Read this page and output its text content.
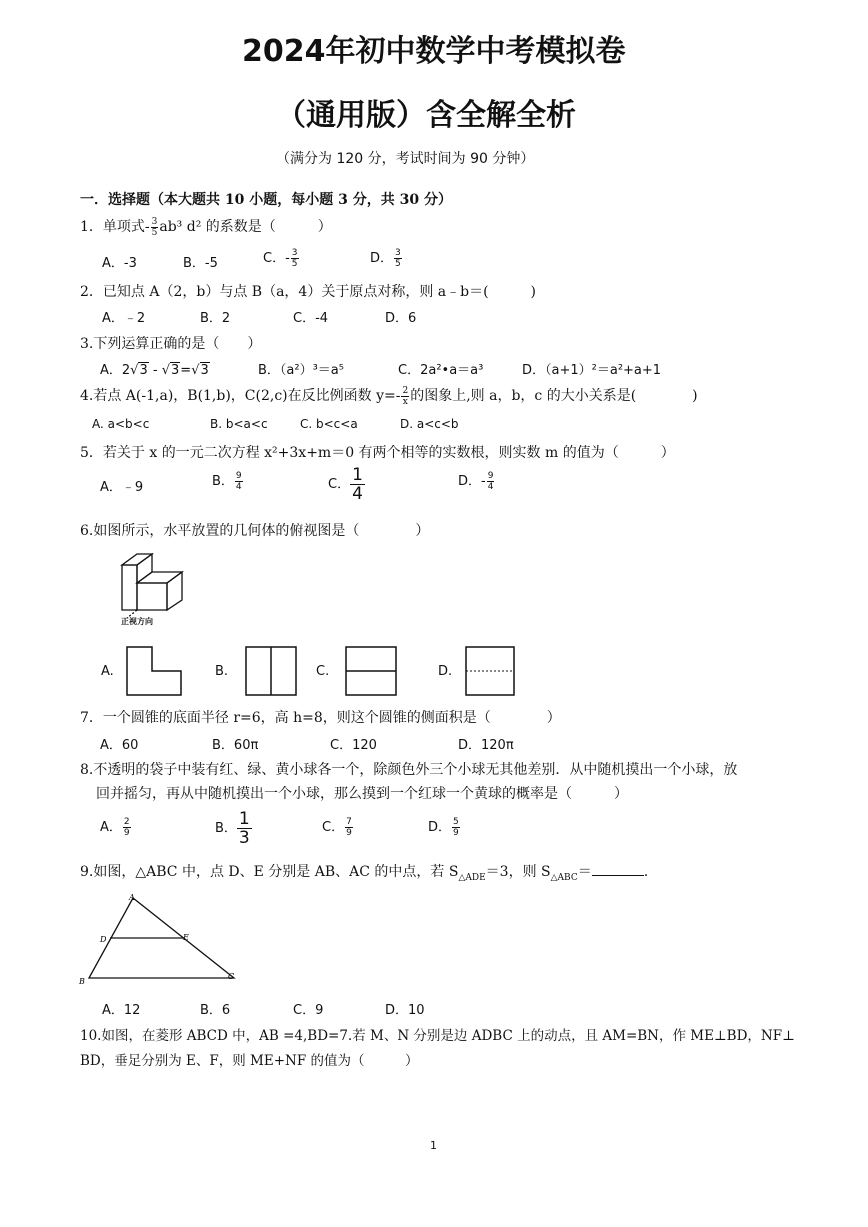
2024年初中数学中考模拟卷
（通用版）含全解全析
（满分为 120 分，考试时间为 90 分钟）
一．选择题（本大题共 10 小题，每小题 3 分，共 30 分）
1．单项式- $\frac{3}{5} ab^3$ d² 的系数是（　　　）
A．-3	B．-5	C．- $\frac{3}{5}$	D． $\frac{3}{5}$
2．已知点 A（2，b）与点 B（a，4）关于原点对称，则 a﹣b＝(　　　)
A．﹣2	B．2	C．-4	D．6
3.下列运算正确的是（　　）
A．2√3 - √3=√3	B．（a²）³＝a⁵	C．2a²•a＝a³	D．（a+1）²＝a²+a+1
4.若点 A(-1,a)，B(1,b)，C(2,c)在反比例函数 $y=- \frac{2}{x}$ 的图象上,则 a，b，c 的大小关系是(　　　　)
A. a<b<c	B. b<a<c	C. b<c<a	D. a<c<b
5．若关于 x 的一元二次方程 x²+3x+m＝0 有两个相等的实数根，则实数 m 的值为（　　　）
A．﹣9	B． $\frac{9}{4}$	C． $\frac{1}{4}$	D．- $\frac{9}{4}$
6.如图所示，水平放置的几何体的俯视图是（　　　　）
正视方向
A.	B.	C.	D.
7．一个圆锥的底面半径 r=6，高 h=8，则这个圆锥的侧面积是（　　　　）
A．60	B．60π	C．120	D．120π
8.不透明的袋子中装有红、绿、黄小球各一个，除颜色外三个小球无其他差别．从中随机摸出一个小球，放
回并摇匀，再从中随机摸出一个小球，那么摸到一个红球一个黄球的概率是（　　　）
A． $\frac{2}{9}$	B． $\frac{1}{3}$	C． $\frac{7}{9}$	D． $\frac{5}{9}$
9.如图，△ABC 中，点 D、E 分别是 AB、AC 的中点，若 $S_{\triangle ADE}=3$，则 $S_{\triangle ABC}=$	.
A
B
C
D	E
A．12	B．6	C．9	D．10
10.如图，在菱形 ABCD 中，AB =4,BD=7.若 M、N 分别是边 ADBC 上的动点，且 AM=BN，作 ME⊥BD，NF⊥
BD，垂足分别为 E、F，则 ME+NF 的值为（　　　）
1
